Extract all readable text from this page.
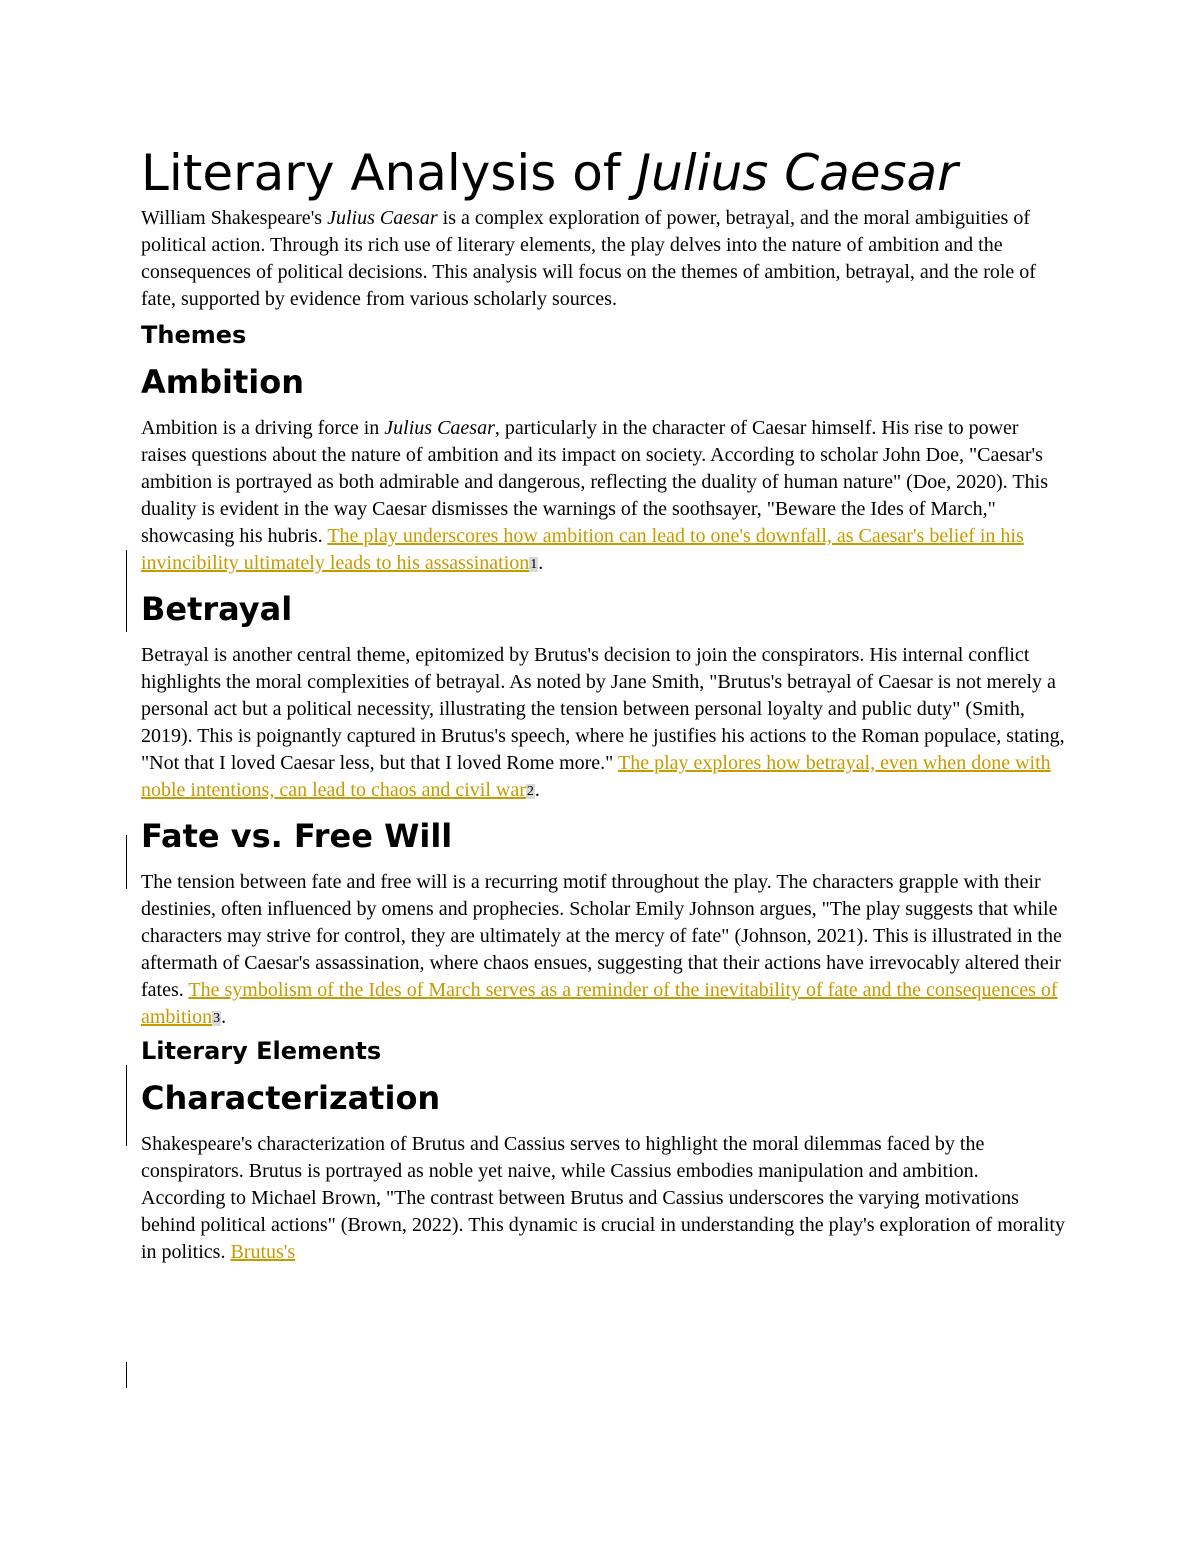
Literary Analysis of Julius Caesar

William Shakespeare's Julius Caesar is a complex exploration of power, betrayal, and the moral ambiguities of political action. Through its rich use of literary elements, the play delves into the nature of ambition and the consequences of political decisions. This analysis will focus on the themes of ambition, betrayal, and the role of fate, supported by evidence from various scholarly sources.

Themes
Ambition

Ambition is a driving force in Julius Caesar, particularly in the character of Caesar himself. His rise to power raises questions about the nature of ambition and its impact on society. According to scholar John Doe, "Caesar's ambition is portrayed as both admirable and dangerous, reflecting the duality of human nature" (Doe, 2020). This duality is evident in the way Caesar dismisses the warnings of the soothsayer, "Beware the Ides of March," showcasing his hubris. The play underscores how ambition can lead to one's downfall, as Caesar's belief in his invincibility ultimately leads to his assassination1.

Betrayal

Betrayal is another central theme, epitomized by Brutus's decision to join the conspirators. His internal conflict highlights the moral complexities of betrayal. As noted by Jane Smith, "Brutus's betrayal of Caesar is not merely a personal act but a political necessity, illustrating the tension between personal loyalty and public duty" (Smith, 2019). This is poignantly captured in Brutus's speech, where he justifies his actions to the Roman populace, stating, "Not that I loved Caesar less, but that I loved Rome more." The play explores how betrayal, even when done with noble intentions, can lead to chaos and civil war2.

Fate vs. Free Will

The tension between fate and free will is a recurring motif throughout the play. The characters grapple with their destinies, often influenced by omens and prophecies. Scholar Emily Johnson argues, "The play suggests that while characters may strive for control, they are ultimately at the mercy of fate" (Johnson, 2021). This is illustrated in the aftermath of Caesar's assassination, where chaos ensues, suggesting that their actions have irrevocably altered their fates. The symbolism of the Ides of March serves as a reminder of the inevitability of fate and the consequences of ambition3.

Literary Elements
Characterization

Shakespeare's characterization of Brutus and Cassius serves to highlight the moral dilemmas faced by the conspirators. Brutus is portrayed as noble yet naive, while Cassius embodies manipulation and ambition. According to Michael Brown, "The contrast between Brutus and Cassius underscores the varying motivations behind political actions" (Brown, 2022). This dynamic is crucial in understanding the play's exploration of morality in politics. Brutus's
